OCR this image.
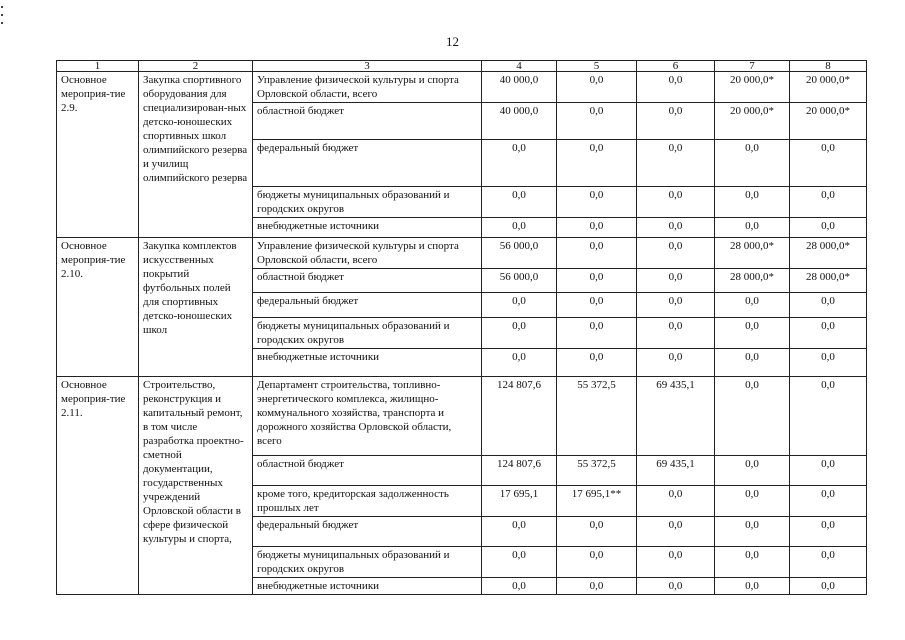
12
1	2	3	4	5	6	7	8
Основное мероприя-тие 2.9.	Закупка спортивного оборудования для специализирован-ных детско-юношеских спортивных школ олимпийского резерва и училищ олимпийского резерва	Управление физической культуры и спорта Орловской области, всего	40 000,0	0,0	0,0	20 000,0*	20 000,0*
		областной бюджет	40 000,0	0,0	0,0	20 000,0*	20 000,0*
		федеральный бюджет	0,0	0,0	0,0	0,0	0,0
		бюджеты муниципальных образований и городских округов	0,0	0,0	0,0	0,0	0,0
		внебюджетные источники	0,0	0,0	0,0	0,0	0,0
Основное мероприя-тие 2.10.	Закупка комплектов искусственных покрытий футбольных полей для спортивных детско-юношеских школ	Управление физической культуры и спорта Орловской области, всего	56 000,0	0,0	0,0	28 000,0*	28 000,0*
		областной бюджет	56 000,0	0,0	0,0	28 000,0*	28 000,0*
		федеральный бюджет	0,0	0,0	0,0	0,0	0,0
		бюджеты муниципальных образований и городских округов	0,0	0,0	0,0	0,0	0,0
		внебюджетные источники	0,0	0,0	0,0	0,0	0,0
Основное мероприя-тие 2.11.	Строительство, реконструкция и капитальный ремонт, в том числе разработка проектно-сметной документации, государственных учреждений Орловской области в сфере физической культуры и спорта,	Департамент строительства, топливно-энергетического комплекса, жилищно-коммунального хозяйства, транспорта и дорожного хозяйства Орловской области, всего	124 807,6	55 372,5	69 435,1	0,0	0,0
		областной бюджет	124 807,6	55 372,5	69 435,1	0,0	0,0
		кроме того, кредиторская задолженность прошлых лет	17 695,1	17 695,1**	0,0	0,0	0,0
		федеральный бюджет	0,0	0,0	0,0	0,0	0,0
		бюджеты муниципальных образований и городских округов	0,0	0,0	0,0	0,0	0,0
		внебюджетные источники	0,0	0,0	0,0	0,0	0,0
